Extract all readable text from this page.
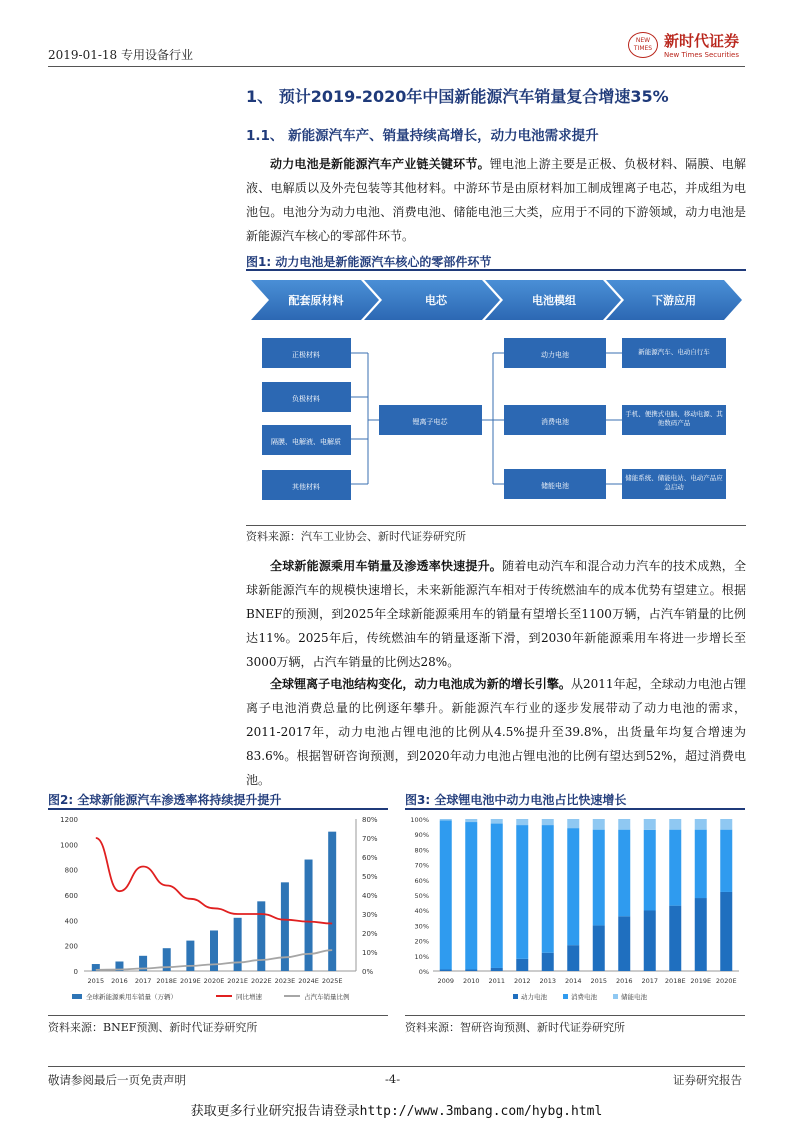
2019-01-18 专用设备行业
NEW TIMES 新时代证券
New Times Securities
1、 预计2019-2020年中国新能源汽车销量复合增速35%
1.1、 新能源汽车产、销量持续高增长，动力电池需求提升
动力电池是新能源汽车产业链关键环节。锂电池上游主要是正极、负极材料、隔膜、电解液、电解质以及外壳包装等其他材料。中游环节是由原材料加工制成锂离子电芯，并成组为电池包。电池分为动力电池、消费电池、储能电池三大类，应用于不同的下游领域，动力电池是新能源汽车核心的零部件环节。
图1: 动力电池是新能源汽车核心的零部件环节
配套原材料	电芯	电池模组	下游应用
正极材料
负极材料
隔膜、电解液、电解质
其他材料
锂离子电芯
动力电池
消费电池
储能电池
新能源汽车、电动自行车
手机、便携式电脑、移动电源、其他数码产品
储能系统、储能电站、电动产品应急启动
资料来源：汽车工业协会、新时代证券研究所
全球新能源乘用车销量及渗透率快速提升。随着电动汽车和混合动力汽车的技术成熟，全球新能源汽车的规模快速增长，未来新能源汽车相对于传统燃油车的成本优势有望建立。根据BNEF的预测，到2025年全球新能源乘用车的销量有望增长至1100万辆，占汽车销量的比例达11%。2025年后，传统燃油车的销量逐渐下滑，到2030年新能源乘用车将进一步增长至3000万辆，占汽车销量的比例达28%。
全球锂离子电池结构变化，动力电池成为新的增长引擎。从2011年起，全球动力电池占锂离子电池消费总量的比例逐年攀升。新能源汽车行业的逐步发展带动了动力电池的需求，2011-2017年，动力电池占锂电池的比例从4.5%提升至39.8%，出货量年均复合增速为83.6%。根据智研咨询预测，到2020年动力电池占锂电池的比例有望达到52%，超过消费电池。
图2: 全球新能源汽车渗透率将持续提升提升
0
200
400
600
800
1000
1200
0%
10%
20%
30%
40%
50%
60%
70%
80%
2015 2016 2017 2018E 2019E 2020E 2021E 2022E 2023E 2024E 2025E
全球新能源乘用车销量（万辆）	同比增速	占汽车销量比例
资料来源：BNEF预测、新时代证券研究所
图3: 全球锂电池中动力电池占比快速增长
0%
10%
20%
30%
40%
50%
60%
70%
80%
90%
100%
2009 2010 2011 2012 2013 2014 2015 2016 2017 2018E 2019E 2020E
动力电池	消费电池	储能电池
资料来源：智研咨询预测、新时代证券研究所
敬请参阅最后一页免责声明	-4-	证券研究报告
获取更多行业研究报告请登录http://www.3mbang.com/hybg.html
